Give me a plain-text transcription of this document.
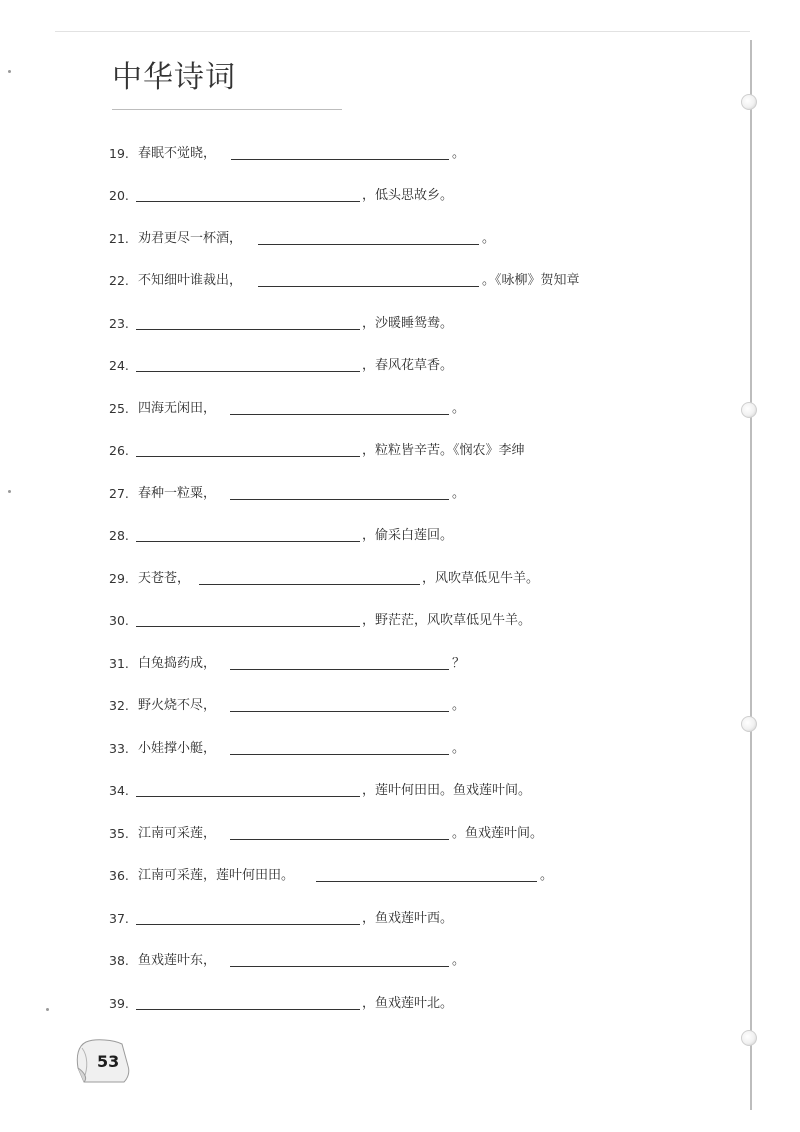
中华诗词
19. 春眠不觉晓，	。
20.	，低头思故乡。
21. 劝君更尽一杯酒，	。
22. 不知细叶谁裁出，	。《咏柳》贺知章
23.	，沙暖睡鸳鸯。
24.	，春风花草香。
25. 四海无闲田，	。
26.	，粒粒皆辛苦。《悯农》李绅
27. 春种一粒粟，	。
28.	，偷采白莲回。
29. 天苍苍，	，风吹草低见牛羊。
30.	，野茫茫，风吹草低见牛羊。
31. 白兔捣药成，	？
32. 野火烧不尽，	。
33. 小娃撑小艇，	。
34.	，莲叶何田田。鱼戏莲叶间。
35. 江南可采莲，	。鱼戏莲叶间。
36. 江南可采莲，莲叶何田田。	。
37.	，鱼戏莲叶西。
38. 鱼戏莲叶东，	。
39.	，鱼戏莲叶北。
53
